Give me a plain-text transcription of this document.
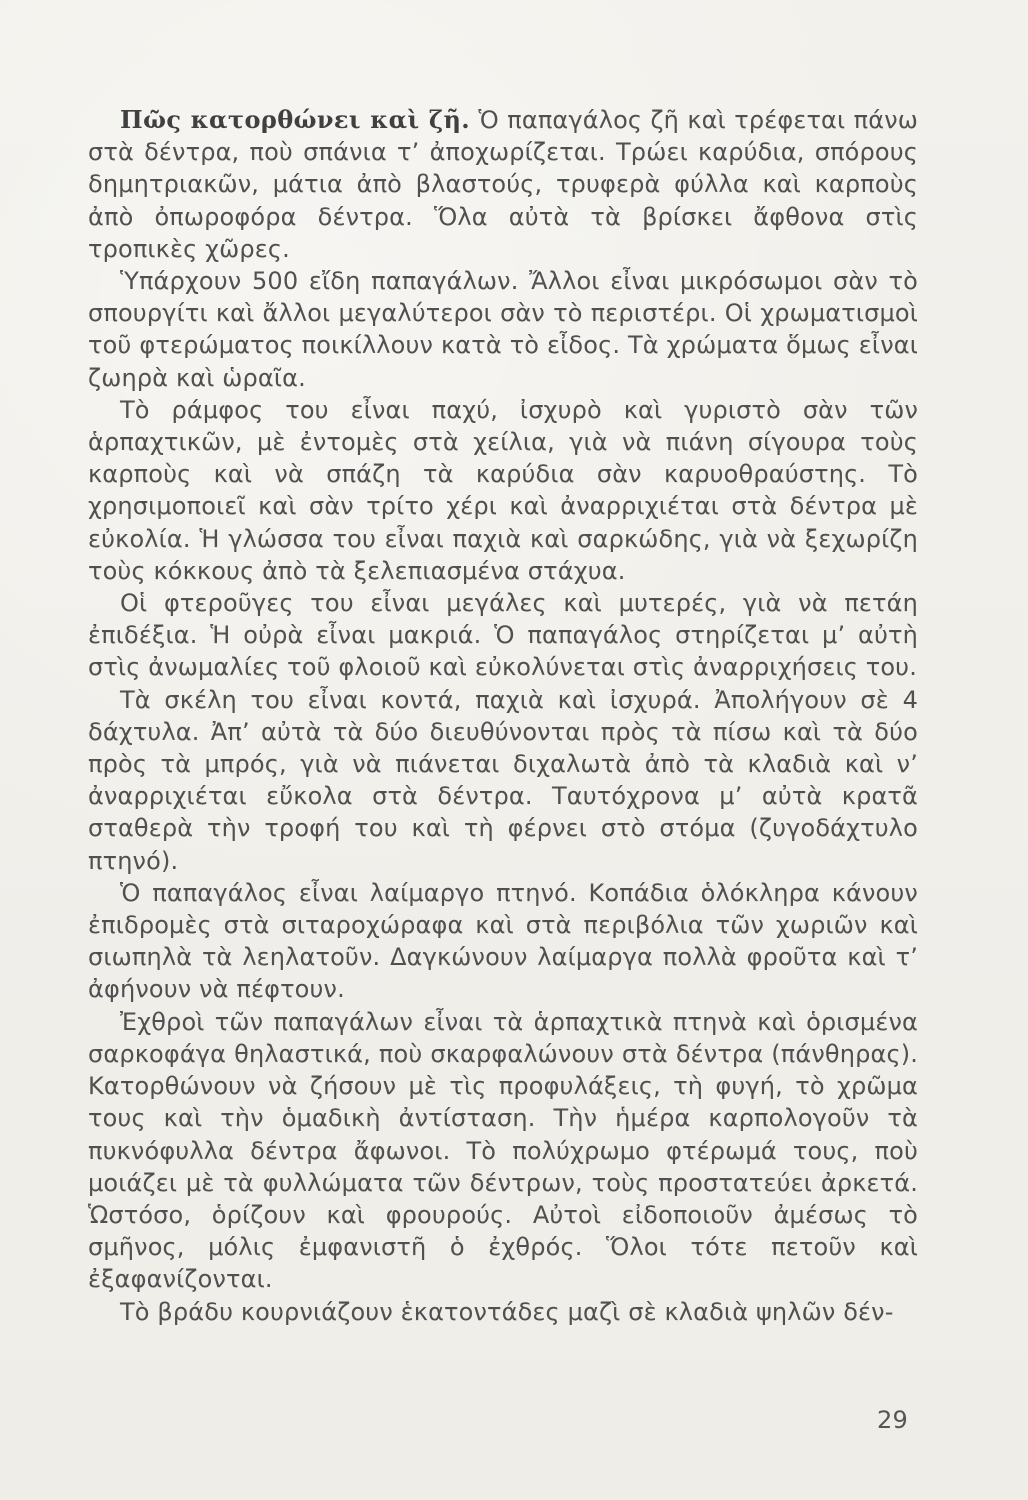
Πῶς κατορθώνει καὶ ζῆ. Ὁ παπαγάλος ζῆ καὶ τρέφεται πάνω στὰ δέντρα, ποὺ σπάνια τ’ ἀποχωρίζεται. Τρώει καρύδια, σπόρους δημητριακῶν, μάτια ἀπὸ βλαστούς, τρυφερὰ φύλλα καὶ καρποὺς ἀπὸ ὀπωροφόρα δέντρα. Ὅλα αὐτὰ τὰ βρίσκει ἄφθονα στὶς τροπικὲς χῶρες.

Ὑπάρχουν 500 εἴδη παπαγάλων. Ἄλλοι εἶναι μικρόσωμοι σὰν τὸ σπουργίτι καὶ ἄλλοι μεγαλύτεροι σὰν τὸ περιστέρι. Οἱ χρωματισμοὶ τοῦ φτερώματος ποικίλλουν κατὰ τὸ εἶδος. Τὰ χρώματα ὅμως εἶναι ζωηρὰ καὶ ὡραῖα.

Τὸ ράμφος του εἶναι παχύ, ἰσχυρὸ καὶ γυριστὸ σὰν τῶν ἁρπαχτικῶν, μὲ ἐντομὲς στὰ χείλια, γιὰ νὰ πιάνη σίγουρα τοὺς καρποὺς καὶ νὰ σπάζη τὰ καρύδια σὰν καρυοθραύστης. Τὸ χρησιμοποιεῖ καὶ σὰν τρίτο χέρι καὶ ἀναρριχιέται στὰ δέντρα μὲ εὐκολία. Ἡ γλώσσα του εἶναι παχιὰ καὶ σαρκώδης, γιὰ νὰ ξεχωρίζη τοὺς κόκκους ἀπὸ τὰ ξελεπιασμένα στάχυα.

Οἱ φτεροῦγες του εἶναι μεγάλες καὶ μυτερές, γιὰ νὰ πετάη ἐπιδέξια. Ἡ οὐρὰ εἶναι μακριά. Ὁ παπαγάλος στηρίζεται μ’ αὐτὴ στὶς ἀνωμαλίες τοῦ φλοιοῦ καὶ εὐκολύνεται στὶς ἀναρριχήσεις του.

Τὰ σκέλη του εἶναι κοντά, παχιὰ καὶ ἰσχυρά. Ἀπολήγουν σὲ 4 δάχτυλα. Ἀπ’ αὐτὰ τὰ δύο διευθύνονται πρὸς τὰ πίσω καὶ τὰ δύο πρὸς τὰ μπρός, γιὰ νὰ πιάνεται διχαλωτὰ ἀπὸ τὰ κλαδιὰ καὶ ν’ ἀναρριχιέται εὔκολα στὰ δέντρα. Ταυτόχρονα μ’ αὐτὰ κρατᾶ σταθερὰ τὴν τροφή του καὶ τὴ φέρνει στὸ στόμα (ζυγοδάχτυλο πτηνό).

Ὁ παπαγάλος εἶναι λαίμαργο πτηνό. Κοπάδια ὁλόκληρα κάνουν ἐπιδρομὲς στὰ σιταροχώραφα καὶ στὰ περιβόλια τῶν χωριῶν καὶ σιωπηλὰ τὰ λεηλατοῦν. Δαγκώνουν λαίμαργα πολλὰ φροῦτα καὶ τ’ ἀφήνουν νὰ πέφτουν.

Ἐχθροὶ τῶν παπαγάλων εἶναι τὰ ἁρπαχτικὰ πτηνὰ καὶ ὁρισμένα σαρκοφάγα θηλαστικά, ποὺ σκαρφαλώνουν στὰ δέντρα (πάνθηρας). Κατορθώνουν νὰ ζήσουν μὲ τὶς προφυλάξεις, τὴ φυγή, τὸ χρῶμα τους καὶ τὴν ὁμαδικὴ ἀντίσταση. Τὴν ἡμέρα καρπολογοῦν τὰ πυκνόφυλλα δέντρα ἄφωνοι. Τὸ πολύχρωμο φτέρωμά τους, ποὺ μοιάζει μὲ τὰ φυλλώματα τῶν δέντρων, τοὺς προστατεύει ἀρκετά. Ὡστόσο, ὁρίζουν καὶ φρουρούς. Αὐτοὶ εἰδοποιοῦν ἀμέσως τὸ σμῆνος, μόλις ἐμφανιστῆ ὁ ἐχθρός. Ὅλοι τότε πετοῦν καὶ ἐξαφανίζονται.

Τὸ βράδυ κουρνιάζουν ἑκατοντάδες μαζὶ σὲ κλαδιὰ ψηλῶν δέν-

29
